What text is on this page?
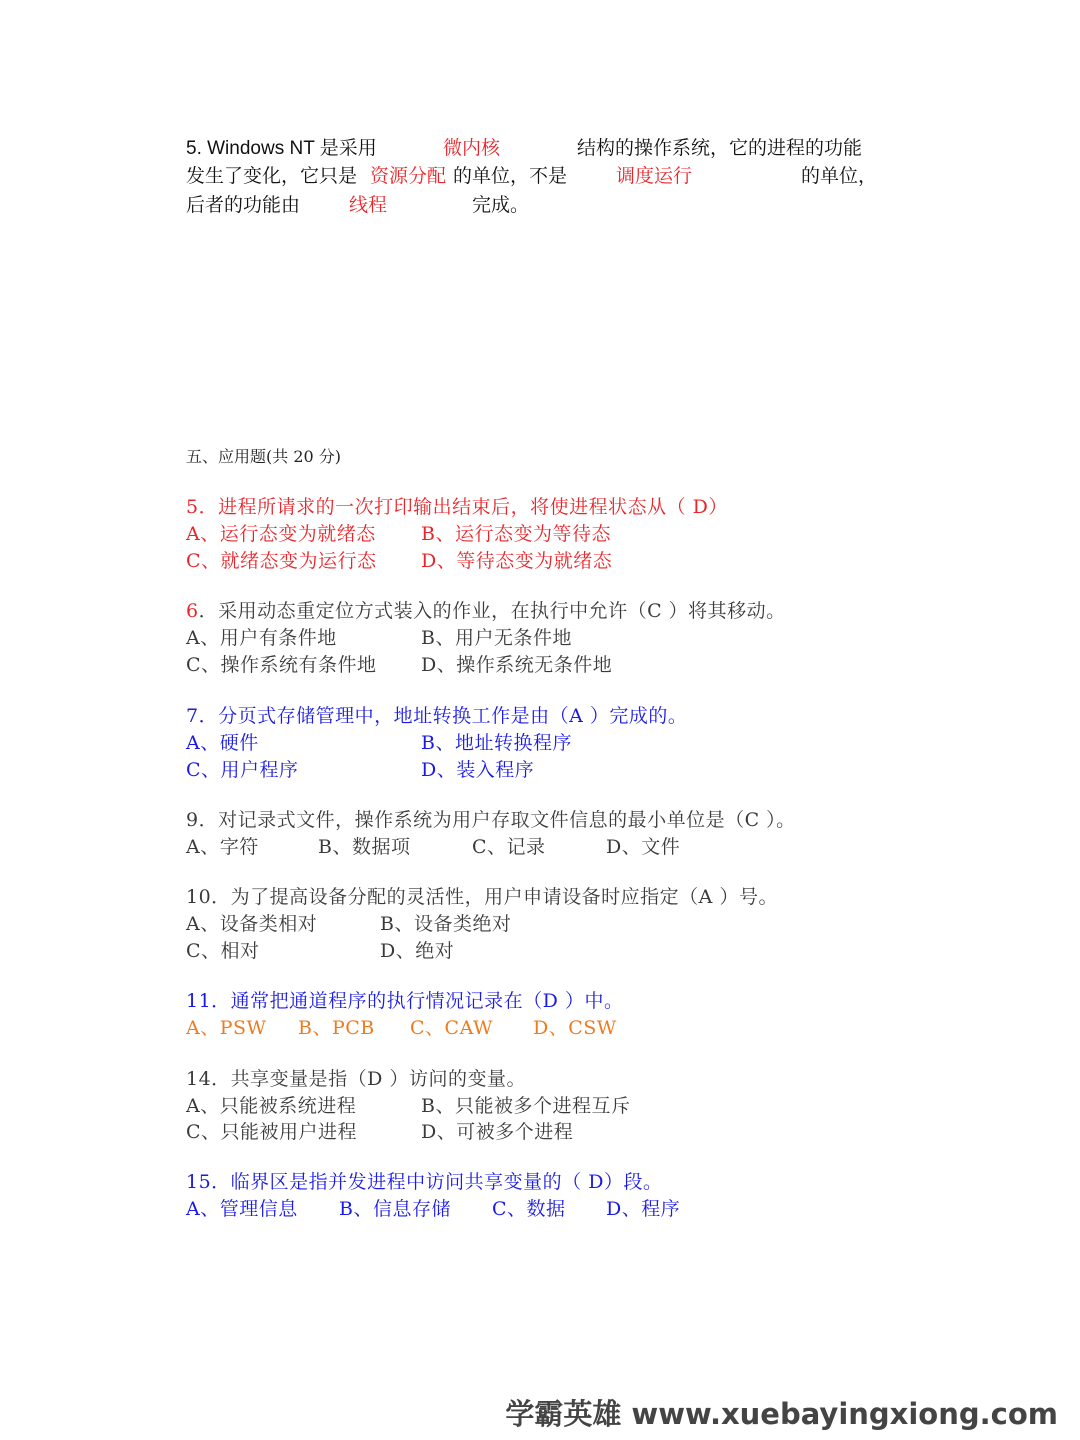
5. Windows NT 是采用	微内核	结构的操作系统，它的进程的功能
发生了变化，它只是 资源分配 的单位，不是	调度运行	的单位，
后者的功能由	线程	完成。
五、应用题(共 20 分)
5．进程所请求的一次打印输出结束后，将使进程状态从（ D）
A、运行态变为就绪态 B、运行态变为等待态
C、就绪态变为运行态 D、等待态变为就绪态
6．采用动态重定位方式装入的作业，在执行中允许（C ）将其移动。
A、用户有条件地	B、用户无条件地
C、操作系统有条件地 D、操作系统无条件地
7．分页式存储管理中，地址转换工作是由（A ）完成的。
A、硬件	B、地址转换程序
C、用户程序	D、装入程序
9．对记录式文件，操作系统为用户存取文件信息的最小单位是（C ）。
A、字符	B、数据项	C、记录	D、文件
10．为了提高设备分配的灵活性，用户申请设备时应指定（A ）号。
A、设备类相对	B、设备类绝对
C、相对	D、绝对
11．通常把通道程序的执行情况记录在（D ）中。
A、PSW B、PCB C、CAW D、CSW
14．共享变量是指（D ）访问的变量。
A、只能被系统进程	B、只能被多个进程互斥
C、只能被用户进程	D、可被多个进程
15．临界区是指并发进程中访问共享变量的（ D）段。
A、管理信息 B、信息存储 C、数据 D、程序
学霸英雄 www.xuebayingxiong.com
